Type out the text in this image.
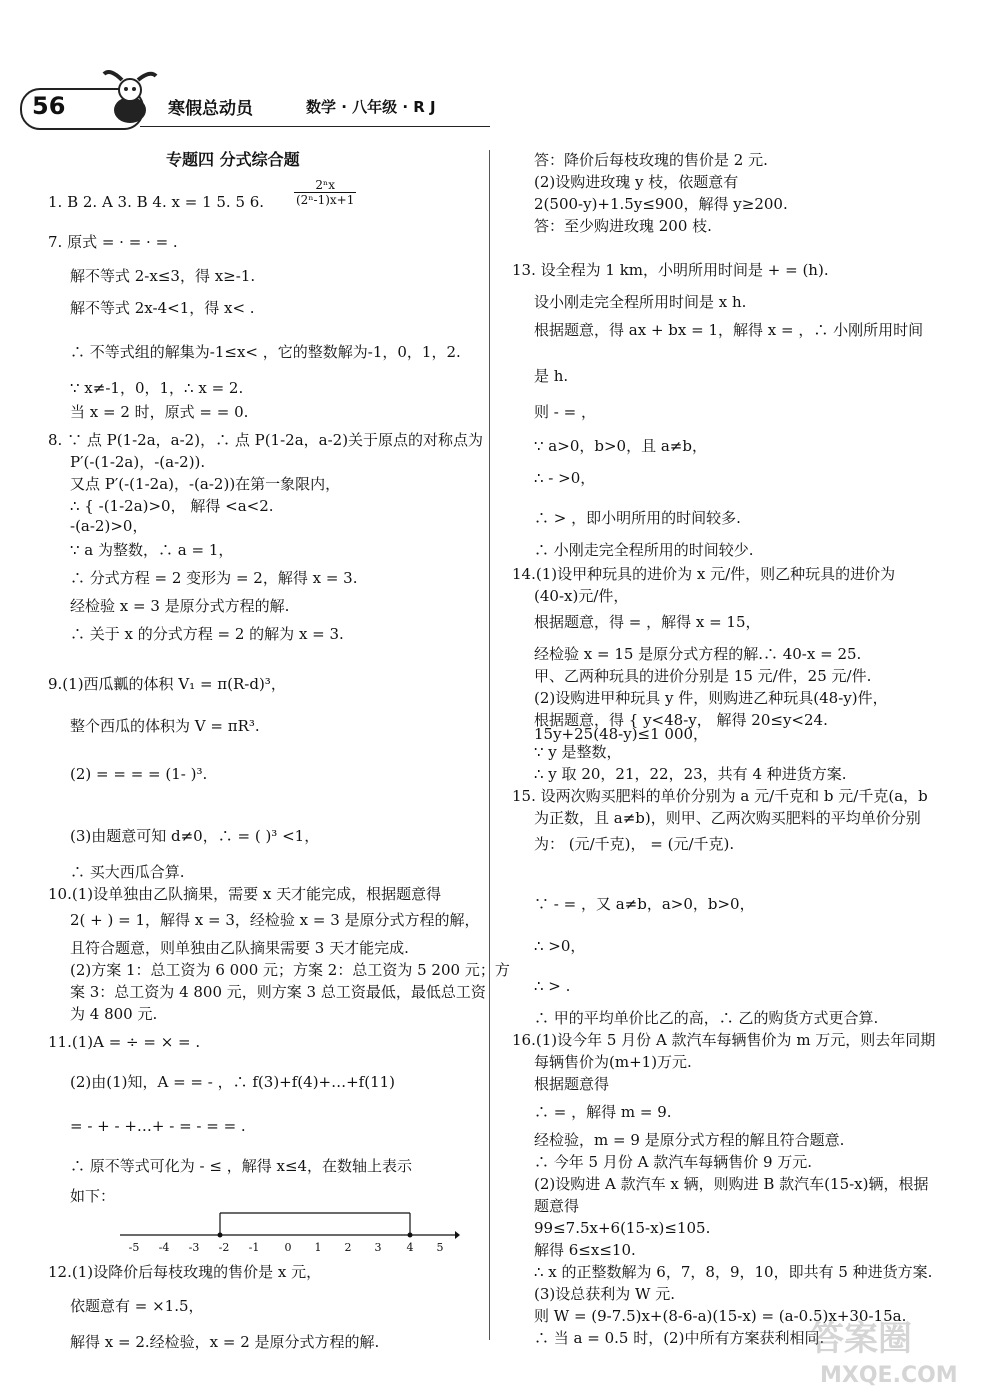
56	寒假总动员	数学 · 八年级 · R J

专题四 分式综合题

1. B 2. A 3. B 4. x = 1 5. 5 6. $\frac{\text{2ⁿx}}{\text{(2ⁿ-1)x+1}}$

7. 原式 = · = · = .

解不等式 2-x≤3，得 x≥-1.

解不等式 2x-4<1，得 x< .

∴ 不等式组的解集为-1≤x< ，它的整数解为-1，0，1，2.

∵ x≠-1，0，1，∴ x = 2.

当 x = 2 时，原式 = = 0.

8. ∵ 点 P(1-2a，a-2)，∴ 点 P(1-2a，a-2)关于原点的对称点为

P′(-(1-2a)，-(a-2)).

又点 P′(-(1-2a)，-(a-2))在第一象限内，

∴ { -(1-2a)>0， 解得 <a<2.

-(a-2)>0，

∵ a 为整数，∴ a = 1，

∴ 分式方程 = 2 变形为 = 2，解得 x = 3.

经检验 x = 3 是原分式方程的解.

∴ 关于 x 的分式方程 = 2 的解为 x = 3.

9.(1)西瓜瓤的体积 V₁ = π(R-d)³，

整个西瓜的体积为 V = πR³.

(2) = = = = (1- )³.

(3)由题意可知 d≠0，∴ = ( )³ <1，

∴ 买大西瓜合算.

10.(1)设单独由乙队摘果，需要 x 天才能完成，根据题意得

2( + ) = 1，解得 x = 3，经检验 x = 3 是原分式方程的解，

且符合题意，则单独由乙队摘果需要 3 天才能完成.

(2)方案 1：总工资为 6 000 元；方案 2：总工资为 5 200 元；方

案 3：总工资为 4 800 元，则方案 3 总工资最低，最低总工资

为 4 800 元.

11.(1)A = ÷ = × = .

(2)由(1)知，A = = - ，∴ f(3)+f(4)+…+f(11)

= - + - +…+ - = - = = .

∴ 原不等式可化为 - ≤ ，解得 x≤4，在数轴上表示

如下：

12.(1)设降价后每枝玫瑰的售价是 x 元，

依题意有 = ×1.5，

解得 x = 2.经检验，x = 2 是原分式方程的解.

-5 -4 -3 -2 -1 0 1 2 3 4 5

答：降价后每枝玫瑰的售价是 2 元.

(2)设购进玫瑰 y 枝，依题意有

2(500-y)+1.5y≤900，解得 y≥200.

答：至少购进玫瑰 200 枝.

13. 设全程为 1 km，小明所用时间是 + = (h).

设小刚走完全程所用时间是 x h.

根据题意，得 ax + bx = 1，解得 x = ，∴ 小刚所用时间

是 h.

则 - = ，

∵ a>0，b>0，且 a≠b，

∴ - >0，

∴ > ，即小明所用的时间较多.

∴ 小刚走完全程所用的时间较少.

14.(1)设甲种玩具的进价为 x 元/件，则乙种玩具的进价为

(40-x)元/件，

根据题意，得 = ，解得 x = 15，

经检验 x = 15 是原分式方程的解.∴ 40-x = 25.

甲、乙两种玩具的进价分别是 15 元/件，25 元/件.

(2)设购进甲种玩具 y 件，则购进乙种玩具(48-y)件，

根据题意，得 { y<48-y， 解得 20≤y<24.

15y+25(48-y)≤1 000，

∵ y 是整数，

∴ y 取 20，21，22，23，共有 4 种进货方案.

15. 设两次购买肥料的单价分别为 a 元/千克和 b 元/千克(a，b

为正数，且 a≠b)，则甲、乙两次购买肥料的平均单价分别

为： (元/千克)， = (元/千克).

∵ - = ，又 a≠b，a>0，b>0，

∴ >0，

∴ > .

∴ 甲的平均单价比乙的高，∴ 乙的购货方式更合算.

16.(1)设今年 5 月份 A 款汽车每辆售价为 m 万元，则去年同期

每辆售价为(m+1)万元.

根据题意得

∴ = ，解得 m = 9.

经检验，m = 9 是原分式方程的解且符合题意.

∴ 今年 5 月份 A 款汽车每辆售价 9 万元.

(2)设购进 A 款汽车 x 辆，则购进 B 款汽车(15-x)辆，根据

题意得

99≤7.5x+6(15-x)≤105.

解得 6≤x≤10.

∴ x 的正整数解为 6，7，8，9，10，即共有 5 种进货方案.

(3)设总获利为 W 元.

则 W = (9-7.5)x+(8-6-a)(15-x) = (a-0.5)x+30-15a.

∴ 当 a = 0.5 时，(2)中所有方案获利相同.

答案圈
MXQE.COM
